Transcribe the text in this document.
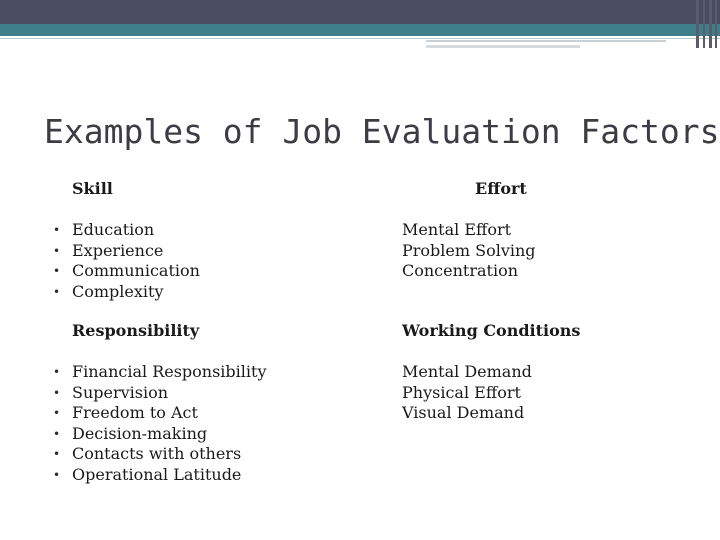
Examples of Job Evaluation Factors
Skill
• Education
• Experience
• Communication
• Complexity
Effort
Mental Effort
Problem Solving
Concentration
Responsibility
• Financial Responsibility
• Supervision
• Freedom to Act
• Decision-making
• Contacts with others
• Operational Latitude
Working Conditions
Mental Demand
Physical Effort
Visual Demand
